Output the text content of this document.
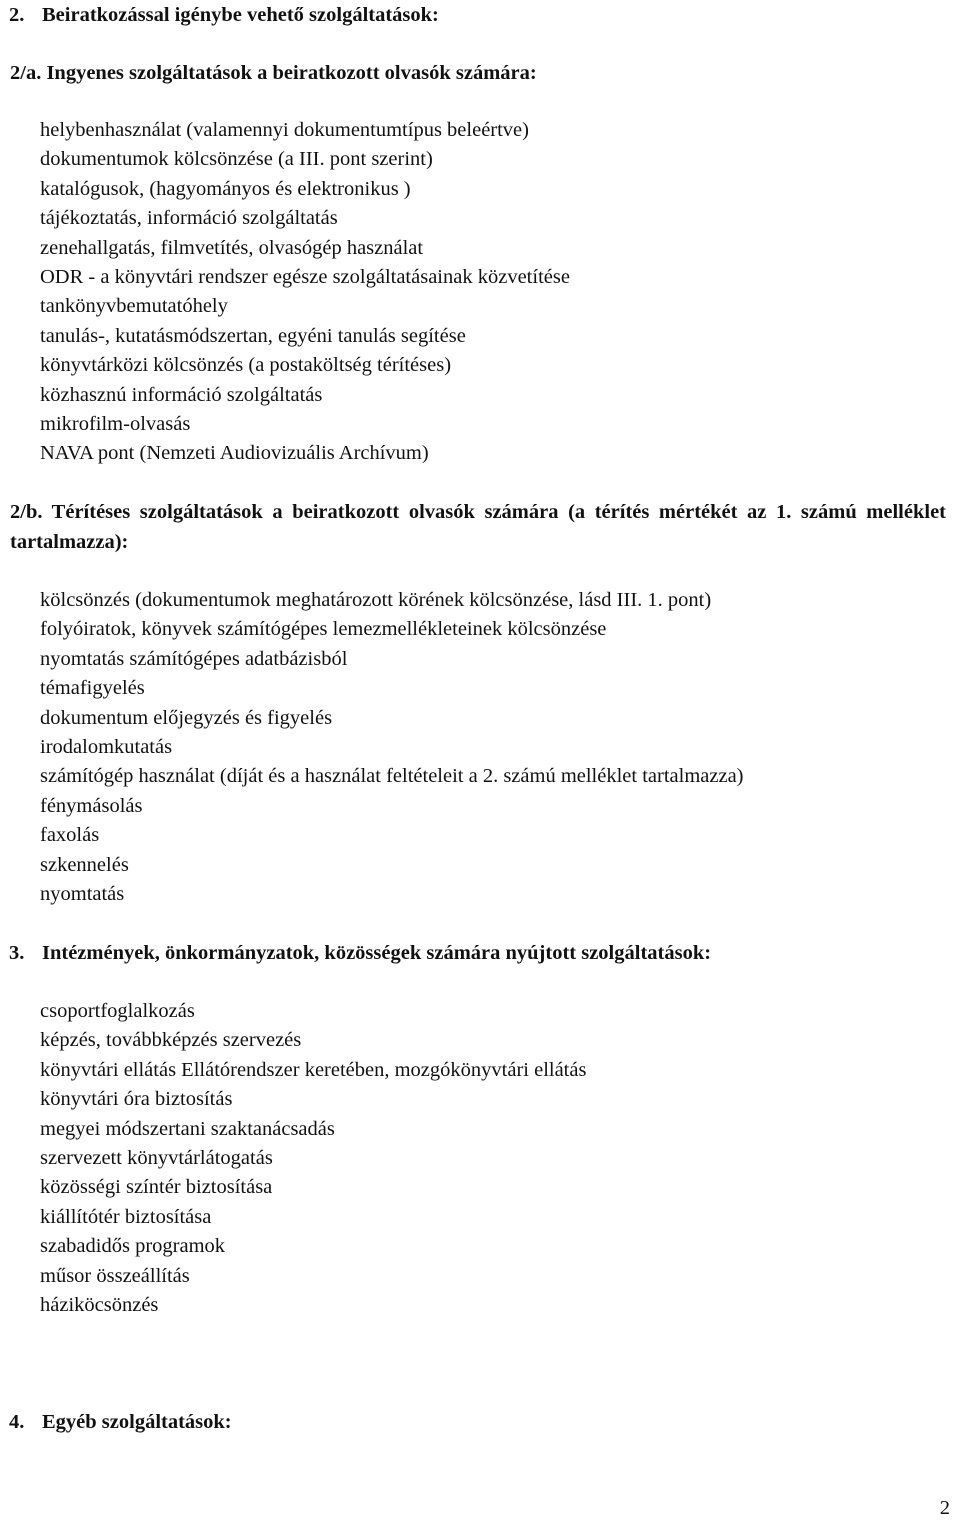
2. Beiratkozással igénybe vehető szolgáltatások:
2/a. Ingyenes szolgáltatások a beiratkozott olvasók számára:
helybenhasználat (valamennyi dokumentumtípus beleértve)
dokumentumok kölcsönzése (a III. pont szerint)
katalógusok, (hagyományos és elektronikus )
tájékoztatás, információ szolgáltatás
zenehallgatás, filmvetítés, olvasógép használat
ODR - a könyvtári rendszer egésze szolgáltatásainak közvetítése
tankönyvbemutatóhely
tanulás-, kutatásmódszertan, egyéni tanulás segítése
könyvtárközi kölcsönzés (a postaköltség térítéses)
közhasznú információ szolgáltatás
mikrofilm-olvasás
NAVA pont (Nemzeti Audiovizuális Archívum)
2/b. Térítéses szolgáltatások a beiratkozott olvasók számára (a térítés mértékét az 1. számú melléklet tartalmazza):
kölcsönzés (dokumentumok meghatározott körének kölcsönzése, lásd III. 1. pont)
folyóiratok, könyvek számítógépes lemezmellékleteinek kölcsönzése
nyomtatás számítógépes adatbázisból
témafigyelés
dokumentum előjegyzés és figyelés
irodalomkutatás
számítógép használat (díját és a használat feltételeit a 2. számú melléklet tartalmazza)
fénymásolás
faxolás
szkennelés
nyomtatás
3. Intézmények, önkormányzatok, közösségek számára nyújtott szolgáltatások:
csoportfoglalkozás
képzés, továbbképzés szervezés
könyvtári ellátás Ellátórendszer keretében, mozgókönyvtári ellátás
könyvtári óra biztosítás
megyei módszertani szaktanácsadás
szervezett könyvtárlátogatás
közösségi színtér biztosítása
kiállítótér biztosítása
szabadidős programok
műsor összeállítás
háziköcsönzés
4. Egyéb szolgáltatások:
2
